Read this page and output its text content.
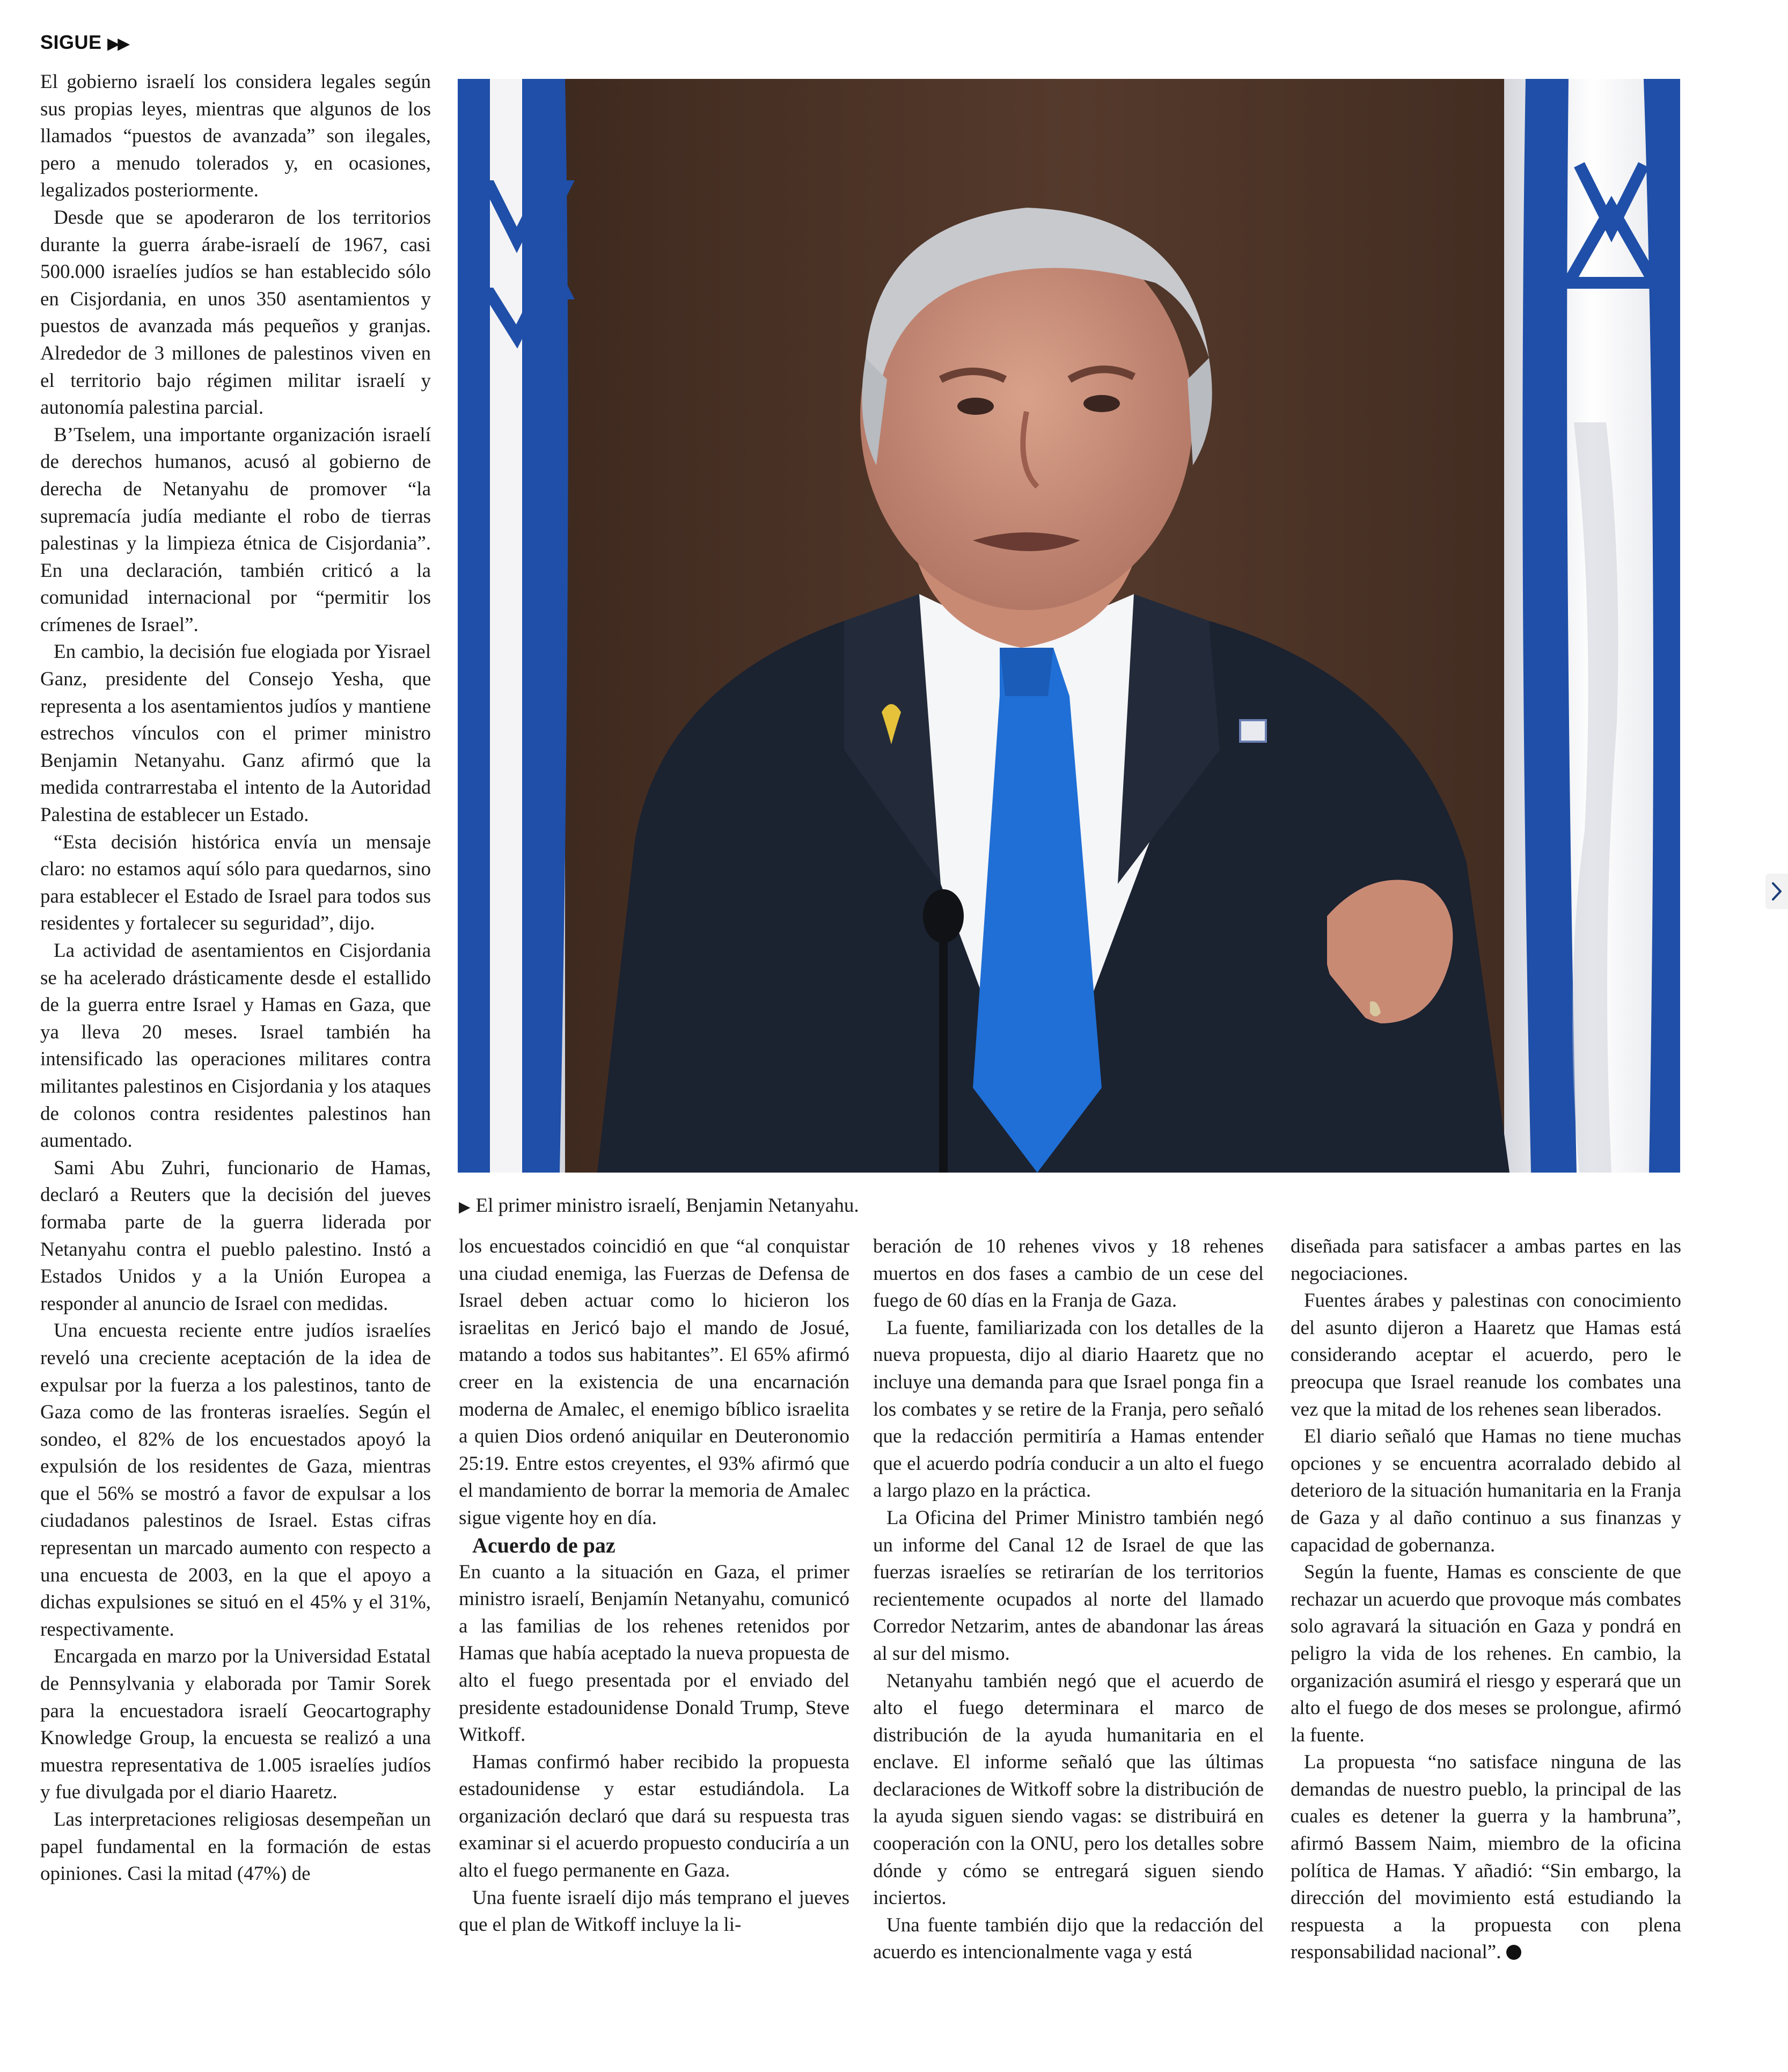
SIGUE ▶▶

El gobierno israelí los considera legales según sus propias leyes, mientras que algunos de los llamados “puestos de avanzada” son ilegales, pero a menudo tolerados y, en ocasiones, legalizados posteriormente.

Desde que se apoderaron de los territorios durante la guerra árabe-israelí de 1967, casi 500.000 israelíes judíos se han establecido sólo en Cisjordania, en unos 350 asentamientos y puestos de avanzada más pequeños y granjas. Alrededor de 3 millones de palestinos viven en el territorio bajo régimen militar israelí y autonomía palestina parcial.

B’Tselem, una importante organización israelí de derechos humanos, acusó al gobierno de derecha de Netanyahu de promover “la supremacía judía mediante el robo de tierras palestinas y la limpieza étnica de Cisjordania”. En una declaración, también criticó a la comunidad internacional por “permitir los crímenes de Israel”.

En cambio, la decisión fue elogiada por Yisrael Ganz, presidente del Consejo Yesha, que representa a los asentamientos judíos y mantiene estrechos vínculos con el primer ministro Benjamin Netanyahu. Ganz afirmó que la medida contrarrestaba el intento de la Autoridad Palestina de establecer un Estado.

“Esta decisión histórica envía un mensaje claro: no estamos aquí sólo para quedarnos, sino para establecer el Estado de Israel para todos sus residentes y fortalecer su seguridad”, dijo.

La actividad de asentamientos en Cisjordania se ha acelerado drásticamente desde el estallido de la guerra entre Israel y Hamas en Gaza, que ya lleva 20 meses. Israel también ha intensificado las operaciones militares contra militantes palestinos en Cisjordania y los ataques de colonos contra residentes palestinos han aumentado.

Sami Abu Zuhri, funcionario de Hamas, declaró a Reuters que la decisión del jueves formaba parte de la guerra liderada por Netanyahu contra el pueblo palestino. Instó a Estados Unidos y a la Unión Europea a responder al anuncio de Israel con medidas.

Una encuesta reciente entre judíos israelíes reveló una creciente aceptación de la idea de expulsar por la fuerza a los palestinos, tanto de Gaza como de las fronteras israelíes. Según el sondeo, el 82% de los encuestados apoyó la expulsión de los residentes de Gaza, mientras que el 56% se mostró a favor de expulsar a los ciudadanos palestinos de Israel. Estas cifras representan un marcado aumento con respecto a una encuesta de 2003, en la que el apoyo a dichas expulsiones se situó en el 45% y el 31%, respectivamente.

Encargada en marzo por la Universidad Estatal de Pennsylvania y elaborada por Tamir Sorek para la encuestadora israelí Geocartography Knowledge Group, la encuesta se realizó a una muestra representativa de 1.005 israelíes judíos y fue divulgada por el diario Haaretz.

Las interpretaciones religiosas desempeñan un papel fundamental en la formación de estas opiniones. Casi la mitad (47%) de

▶ El primer ministro israelí, Benjamin Netanyahu.

los encuestados coincidió en que “al conquistar una ciudad enemiga, las Fuerzas de Defensa de Israel deben actuar como lo hicieron los israelitas en Jericó bajo el mando de Josué, matando a todos sus habitantes”. El 65% afirmó creer en la existencia de una encarnación moderna de Amalec, el enemigo bíblico israelita a quien Dios ordenó aniquilar en Deuteronomio 25:19. Entre estos creyentes, el 93% afirmó que el mandamiento de borrar la memoria de Amalec sigue vigente hoy en día.

Acuerdo de paz

En cuanto a la situación en Gaza, el primer ministro israelí, Benjamín Netanyahu, comunicó a las familias de los rehenes retenidos por Hamas que había aceptado la nueva propuesta de alto el fuego presentada por el enviado del presidente estadounidense Donald Trump, Steve Witkoff.

Hamas confirmó haber recibido la propuesta estadounidense y estar estudiándola. La organización declaró que dará su respuesta tras examinar si el acuerdo propuesto conduciría a un alto el fuego permanente en Gaza.

Una fuente israelí dijo más temprano el jueves que el plan de Witkoff incluye la li-

beración de 10 rehenes vivos y 18 rehenes muertos en dos fases a cambio de un cese del fuego de 60 días en la Franja de Gaza.

La fuente, familiarizada con los detalles de la nueva propuesta, dijo al diario Haaretz que no incluye una demanda para que Israel ponga fin a los combates y se retire de la Franja, pero señaló que la redacción permitiría a Hamas entender que el acuerdo podría conducir a un alto el fuego a largo plazo en la práctica.

La Oficina del Primer Ministro también negó un informe del Canal 12 de Israel de que las fuerzas israelíes se retirarían de los territorios recientemente ocupados al norte del llamado Corredor Netzarim, antes de abandonar las áreas al sur del mismo.

Netanyahu también negó que el acuerdo de alto el fuego determinara el marco de distribución de la ayuda humanitaria en el enclave. El informe señaló que las últimas declaraciones de Witkoff sobre la distribución de la ayuda siguen siendo vagas: se distribuirá en cooperación con la ONU, pero los detalles sobre dónde y cómo se entregará siguen siendo inciertos.

Una fuente también dijo que la redacción del acuerdo es intencionalmente vaga y está

diseñada para satisfacer a ambas partes en las negociaciones.

Fuentes árabes y palestinas con conocimiento del asunto dijeron a Haaretz que Hamas está considerando aceptar el acuerdo, pero le preocupa que Israel reanude los combates una vez que la mitad de los rehenes sean liberados.

El diario señaló que Hamas no tiene muchas opciones y se encuentra acorralado debido al deterioro de la situación humanitaria en la Franja de Gaza y al daño continuo a sus finanzas y capacidad de gobernanza.

Según la fuente, Hamas es consciente de que rechazar un acuerdo que provoque más combates solo agravará la situación en Gaza y pondrá en peligro la vida de los rehenes. En cambio, la organización asumirá el riesgo y esperará que un alto el fuego de dos meses se prolongue, afirmó la fuente.

La propuesta “no satisface ninguna de las demandas de nuestro pueblo, la principal de las cuales es detener la guerra y la hambruna”, afirmó Bassem Naim, miembro de la oficina política de Hamas. Y añadió: “Sin embargo, la dirección del movimiento está estudiando la respuesta a la propuesta con plena responsabilidad nacional”.
